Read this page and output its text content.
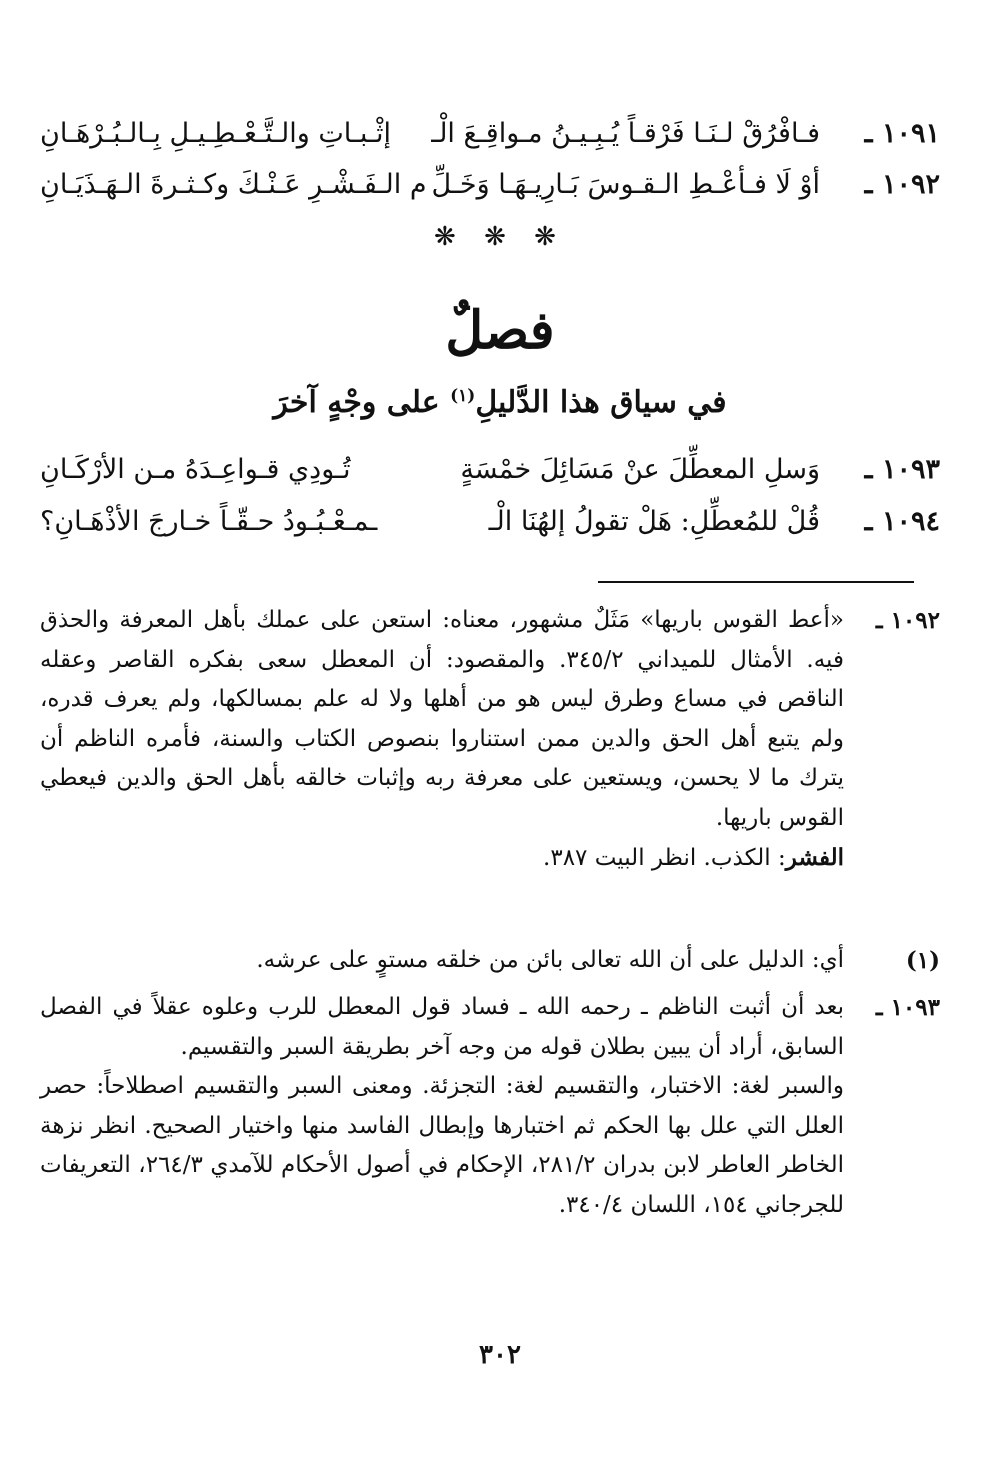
١٠٩١ ـ
فـافْرُقْ لـنَـا فَرْقـاً يُـبِـيـنُ مـواقِـعَ الْـ
إثْـبـاتِ والـتَّـعْـطِـيـلِ بِـالـبُـرْهَـانِ
١٠٩٢ ـ
أوْ لَا فـأعْـطِ الـقـوسَ بَـارِيـهَـا وَخَـلِّ
م الـفَـشْـرِ عَـنْـكَ وكـثـرةَ الـهَـذَيَـانِ
❋ ❋ ❋
فصلٌ
في سياق هذا الدَّليلِ$^{(١)}$ على وجْهٍ آخرَ
١٠٩٣ ـ
وَسلِ المعطِّلَ عنْ مَسَائِلَ خمْسَةٍ
تُـودِي قـواعِـدَهُ مـن الأرْكَـانِ
١٠٩٤ ـ
قُلْ للمُعطِّلِ: هَلْ تقولُ إلهُنَا الْـ
ـمـعْـبُـودُ حـقّـاً خـارجَ الأذْهَـانِ؟
١٠٩٢ ـ

«أعط القوس باريها» مَثَلٌ مشهور، معناه: استعن على عملك بأهل المعرفة والحذق فيه. الأمثال للميداني ٣٤٥/٢. والمقصود: أن المعطل سعى بفكره القاصر وعقله الناقص في مساع وطرق ليس هو من أهلها ولا له علم بمسالكها، ولم يعرف قدره، ولم يتبع أهل الحق والدين ممن استناروا بنصوص الكتاب والسنة، فأمره الناظم أن يترك ما لا يحسن، ويستعين على معرفة ربه وإثبات خالقه بأهل الحق والدين فيعطي القوس باريها.

الفشر: الكذب. انظر البيت ٣٨٧.

(١)

أي: الدليل على أن الله تعالى بائن من خلقه مستوٍ على عرشه.

١٠٩٣ ـ

بعد أن أثبت الناظم ـ رحمه الله ـ فساد قول المعطل للرب وعلوه عقلاً في الفصل السابق، أراد أن يبين بطلان قوله من وجه آخر بطريقة السبر والتقسيم.

والسبر لغة: الاختبار، والتقسيم لغة: التجزئة. ومعنى السبر والتقسيم اصطلاحاً: حصر العلل التي علل بها الحكم ثم اختبارها وإبطال الفاسد منها واختيار الصحيح. انظر نزهة الخاطر العاطر لابن بدران ٢٨١/٢، الإحكام في أصول الأحكام للآمدي ٢٦٤/٣، التعريفات للجرجاني ١٥٤، اللسان ٣٤٠/٤.

٣٠٢
